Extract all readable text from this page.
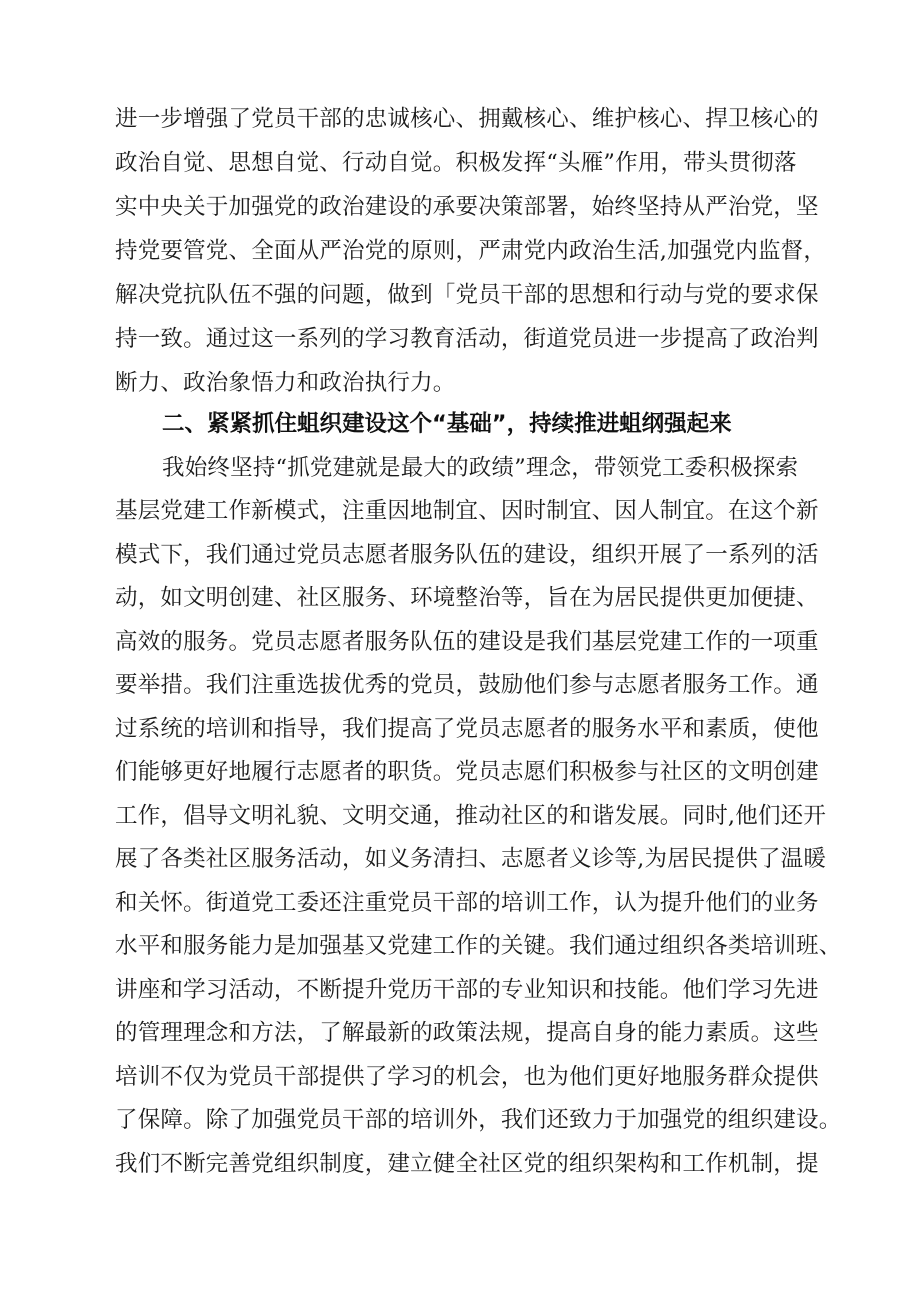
进一步增强了党员干部的忠诚核心、拥戴核心、维护核心、捍卫核心的
政治自觉、思想自觉、行动自觉。积极发挥“头雁”作用，带头贯彻落
实中央关于加强党的政治建设的承要决策部署，始终坚持从严治党，坚
持党要管党、全面从严治党的原则，严肃党内政治生活,加强党内监督，
解决党抗队伍不强的问题，做到「党员干部的思想和行动与党的要求保
持一致。通过这一系列的学习教育活动，街道党员进一步提高了政治判
断力、政治象悟力和政治执行力。
二、紧紧抓住蛆织建设这个“基础”，持续推进蛆纲强起来
我始终坚持“抓党建就是最大的政绩”理念，带领党工委积极探索
基层党建工作新模式，注重因地制宜、因时制宜、因人制宜。在这个新
模式下，我们通过党员志愿者服务队伍的建设，组织开展了一系列的活
动，如文明创建、社区服务、环境整治等，旨在为居民提供更加便捷、
高效的服务。党员志愿者服务队伍的建设是我们基层党建工作的一项重
要举措。我们注重选拔优秀的党员，鼓励他们参与志愿者服务工作。通
过系统的培训和指导，我们提高了党员志愿者的服务水平和素质，使他
们能够更好地履行志愿者的职货。党员志愿们积极参与社区的文明创建
工作，倡导文明礼貌、文明交通，推动社区的和谐发展。同时,他们还开
展了各类社区服务活动，如义务清扫、志愿者义诊等,为居民提供了温暖
和关怀。街道党工委还注重党员干部的培训工作，认为提升他们的业务
水平和服务能力是加强基又党建工作的关键。我们通过组织各类培训班、
讲座和学习活动，不断提升党历干部的专业知识和技能。他们学习先进
的管理理念和方法，了解最新的政策法规，提高自身的能力素质。这些
培训不仅为党员干部提供了学习的机会，也为他们更好地服务群众提供
了保障。除了加强党员干部的培训外，我们还致力于加强党的组织建设。
我们不断完善党组织制度，建立健全社区党的组织架构和工作机制，提
